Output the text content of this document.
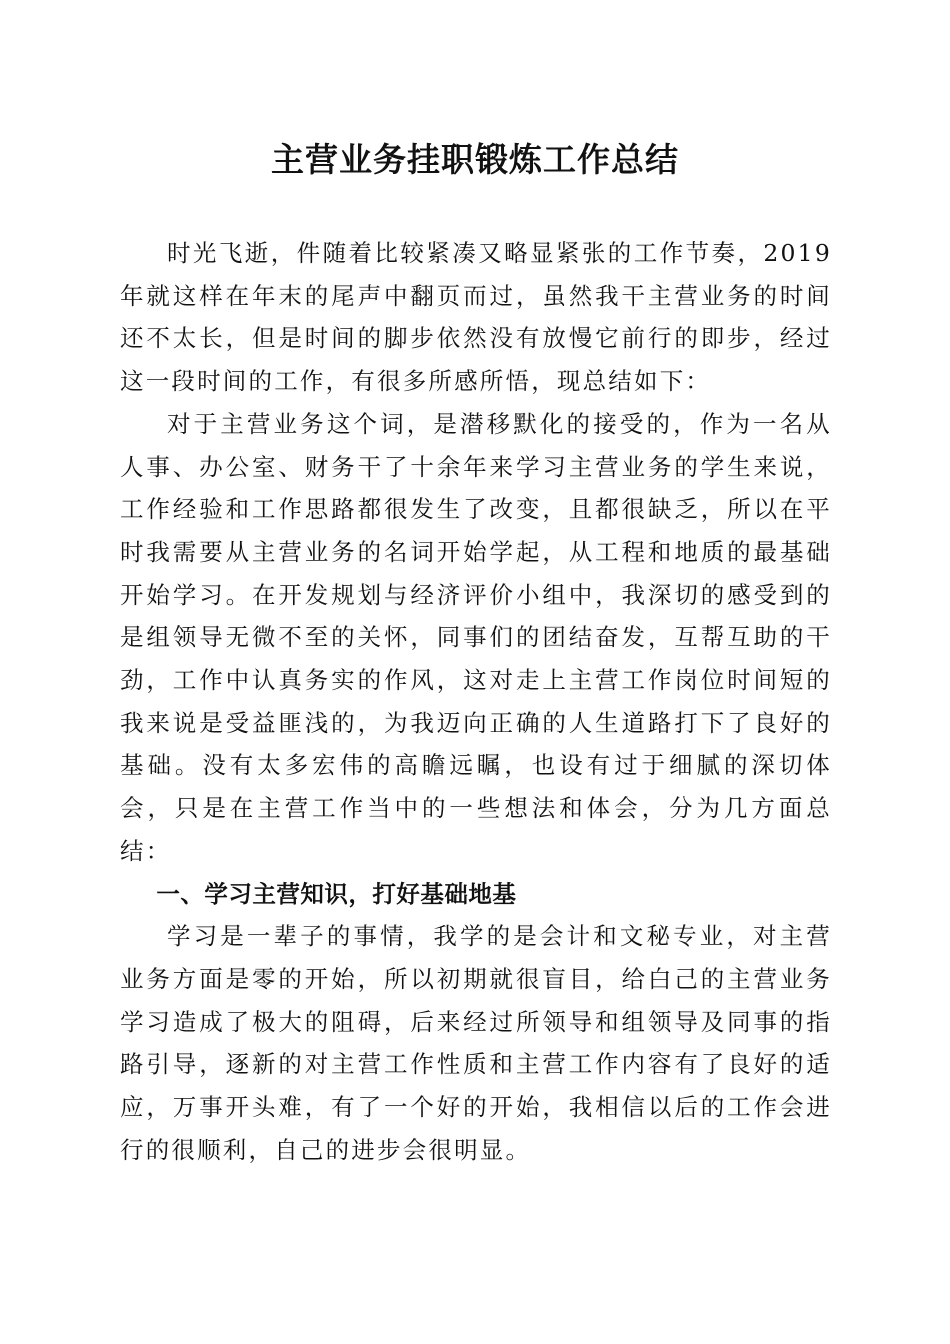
主营业务挂职锻炼工作总结

时光飞逝，件随着比较紧凑又略显紧张的工作节奏，2019年就这样在年末的尾声中翻页而过，虽然我干主营业务的时间还不太长，但是时间的脚步依然没有放慢它前行的即步，经过这一段时间的工作，有很多所感所悟，现总结如下：

对于主营业务这个词，是潜移默化的接受的，作为一名从人事、办公室、财务干了十余年来学习主营业务的学生来说，工作经验和工作思路都很发生了改变，且都很缺乏，所以在平时我需要从主营业务的名词开始学起，从工程和地质的最基础开始学习。在开发规划与经济评价小组中，我深切的感受到的是组领导无微不至的关怀，同事们的团结奋发，互帮互助的干劲，工作中认真务实的作风，这对走上主营工作岗位时间短的我来说是受益匪浅的，为我迈向正确的人生道路打下了良好的基础。没有太多宏伟的高瞻远瞩，也设有过于细腻的深切体会，只是在主营工作当中的一些想法和体会，分为几方面总结：

一、学习主营知识，打好基础地基

学习是一辈子的事情，我学的是会计和文秘专业，对主营业务方面是零的开始，所以初期就很盲目，给白己的主营业务学习造成了极大的阻碍，后来经过所领导和组领导及同事的指路引导，逐新的对主营工作性质和主营工作内容有了良好的适应，万事开头难，有了一个好的开始，我相信以后的工作会进行的很顺利，自己的进步会很明显。
